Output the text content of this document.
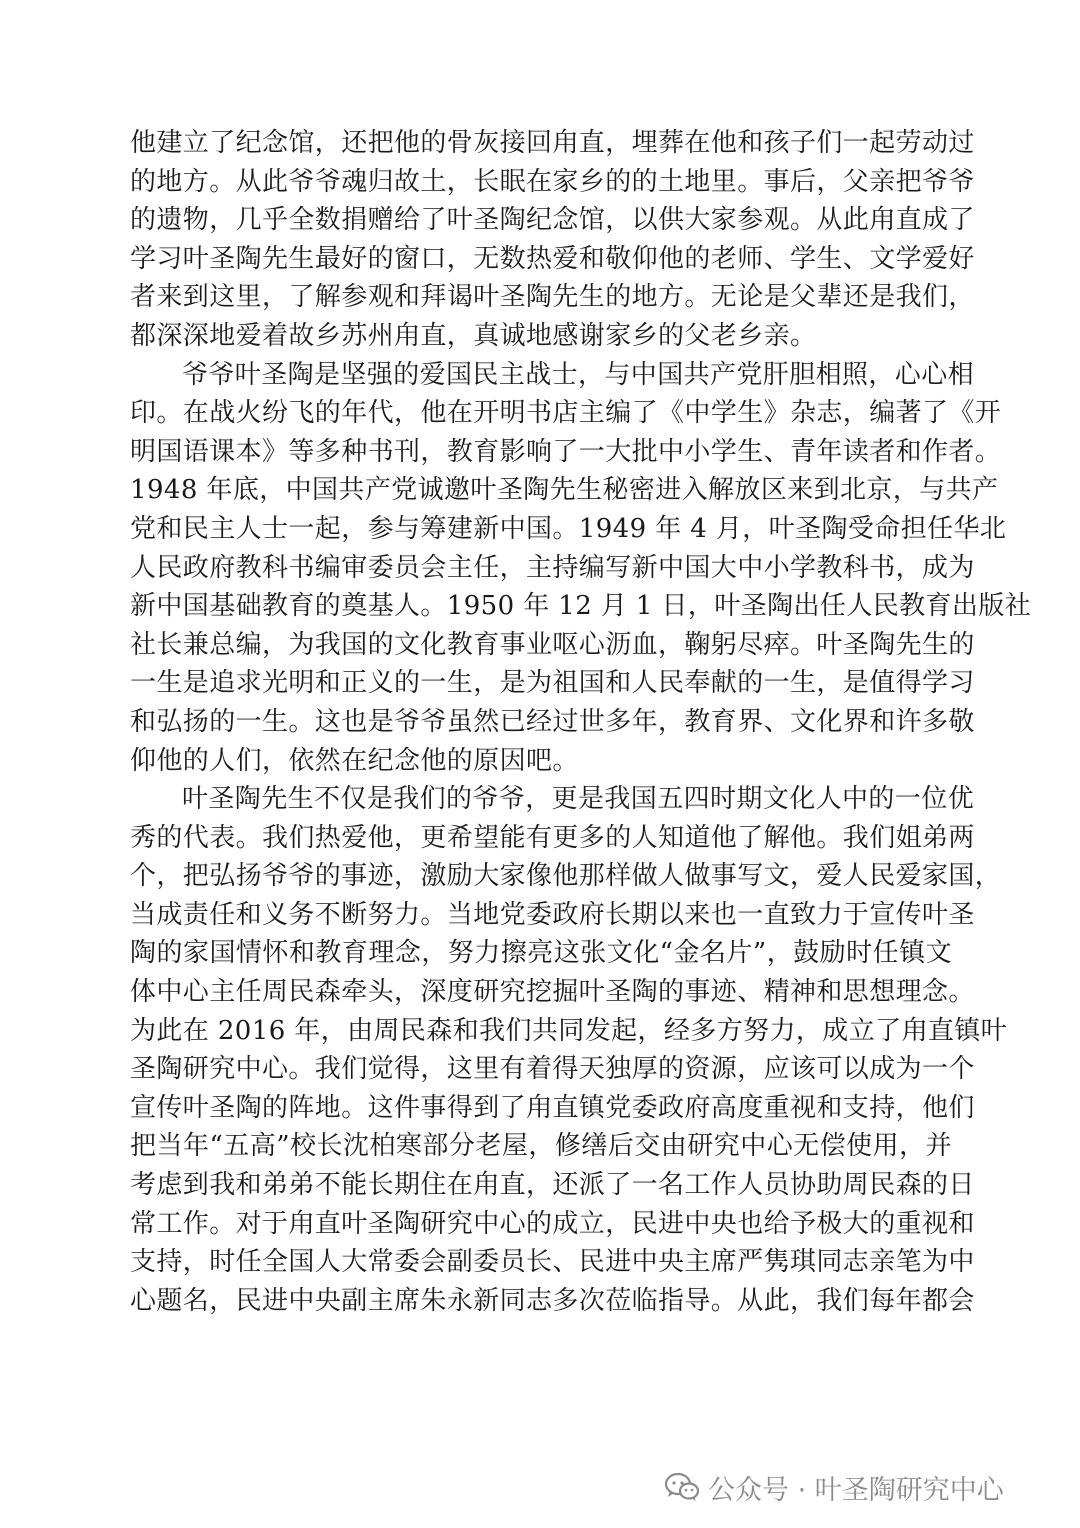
他建立了纪念馆，还把他的骨灰接回甪直，埋葬在他和孩子们一起劳动过
的地方。从此爷爷魂归故土，长眠在家乡的的土地里。事后，父亲把爷爷
的遗物，几乎全数捐赠给了叶圣陶纪念馆，以供大家参观。从此甪直成了
学习叶圣陶先生最好的窗口，无数热爱和敬仰他的老师、学生、文学爱好
者来到这里，了解参观和拜谒叶圣陶先生的地方。无论是父辈还是我们，
都深深地爱着故乡苏州甪直，真诚地感谢家乡的父老乡亲。
爷爷叶圣陶是坚强的爱国民主战士，与中国共产党肝胆相照，心心相
印。在战火纷飞的年代，他在开明书店主编了《中学生》杂志，编著了《开
明国语课本》等多种书刊，教育影响了一大批中小学生、青年读者和作者。
1948 年底，中国共产党诚邀叶圣陶先生秘密进入解放区来到北京，与共产
党和民主人士一起，参与筹建新中国。1949 年 4 月，叶圣陶受命担任华北
人民政府教科书编审委员会主任，主持编写新中国大中小学教科书，成为
新中国基础教育的奠基人。1950 年 12 月 1 日，叶圣陶出任人民教育出版社
社长兼总编，为我国的文化教育事业呕心沥血，鞠躬尽瘁。叶圣陶先生的
一生是追求光明和正义的一生，是为祖国和人民奉献的一生，是值得学习
和弘扬的一生。这也是爷爷虽然已经过世多年，教育界、文化界和许多敬
仰他的人们，依然在纪念他的原因吧。
叶圣陶先生不仅是我们的爷爷，更是我国五四时期文化人中的一位优
秀的代表。我们热爱他，更希望能有更多的人知道他了解他。我们姐弟两
个，把弘扬爷爷的事迹，激励大家像他那样做人做事写文，爱人民爱家国，
当成责任和义务不断努力。当地党委政府长期以来也一直致力于宣传叶圣
陶的家国情怀和教育理念，努力擦亮这张文化“金名片”，鼓励时任镇文
体中心主任周民森牵头，深度研究挖掘叶圣陶的事迹、精神和思想理念。
为此在 2016 年，由周民森和我们共同发起，经多方努力，成立了甪直镇叶
圣陶研究中心。我们觉得，这里有着得天独厚的资源，应该可以成为一个
宣传叶圣陶的阵地。这件事得到了甪直镇党委政府高度重视和支持，他们
把当年“五高”校长沈柏寒部分老屋，修缮后交由研究中心无偿使用，并
考虑到我和弟弟不能长期住在甪直，还派了一名工作人员协助周民森的日
常工作。对于甪直叶圣陶研究中心的成立，民进中央也给予极大的重视和
支持，时任全国人大常委会副委员长、民进中央主席严隽琪同志亲笔为中
心题名，民进中央副主席朱永新同志多次莅临指导。从此，我们每年都会
公众号 · 叶圣陶研究中心
